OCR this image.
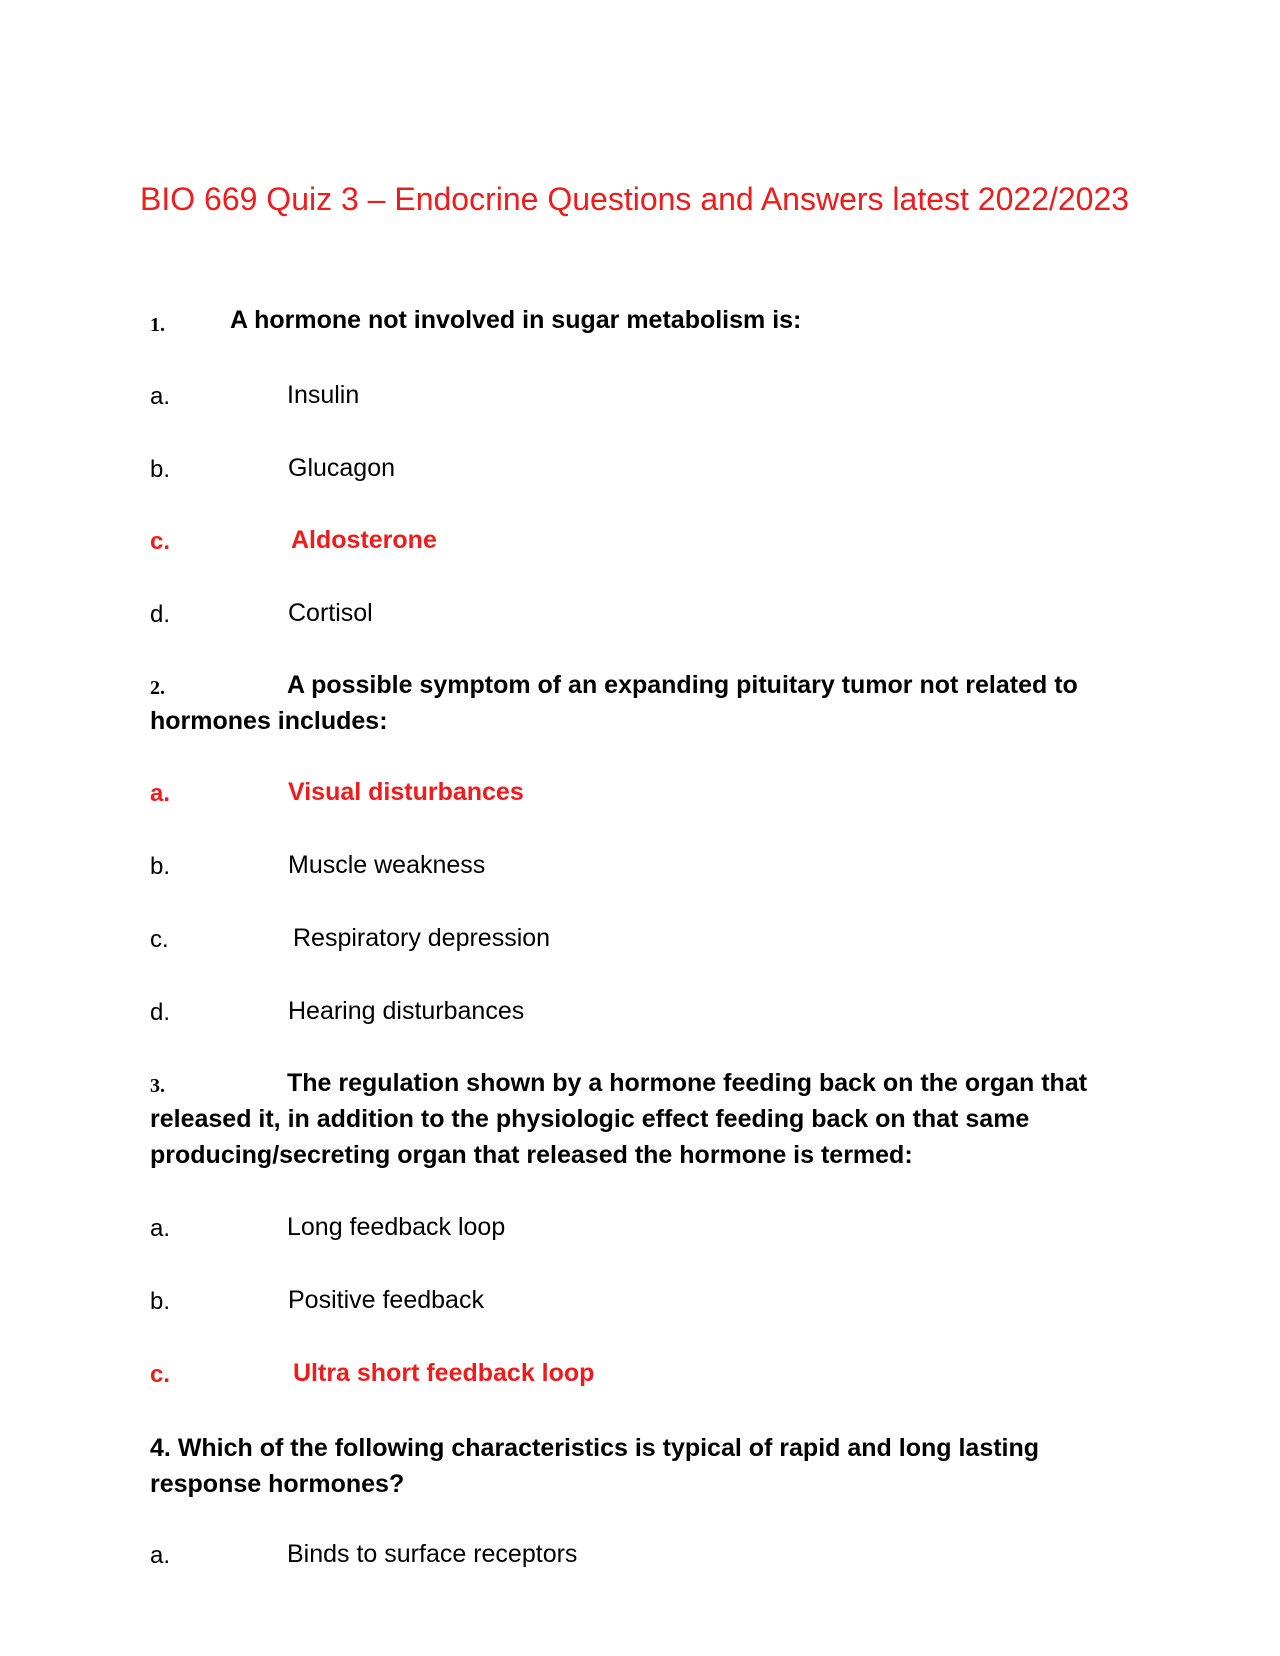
BIO 669 Quiz 3 – Endocrine Questions and Answers latest 2022/2023
1.	A hormone not involved in sugar metabolism is:

a.	Insulin
b.	Glucagon
c.	Aldosterone
d.	Cortisol
2.	A possible symptom of an expanding pituitary tumor not related to hormones includes:

a.	Visual disturbances
b.	Muscle weakness
c.	Respiratory depression
d.	Hearing disturbances
3.	The regulation shown by a hormone feeding back on the organ that released it, in addition to the physiologic effect feeding back on that same producing/secreting organ that released the hormone is termed:

a.	Long feedback loop
b.	Positive feedback
c.	Ultra short feedback loop

4. Which of the following characteristics is typical of rapid and long lasting response hormones?

a.	Binds to surface receptors
